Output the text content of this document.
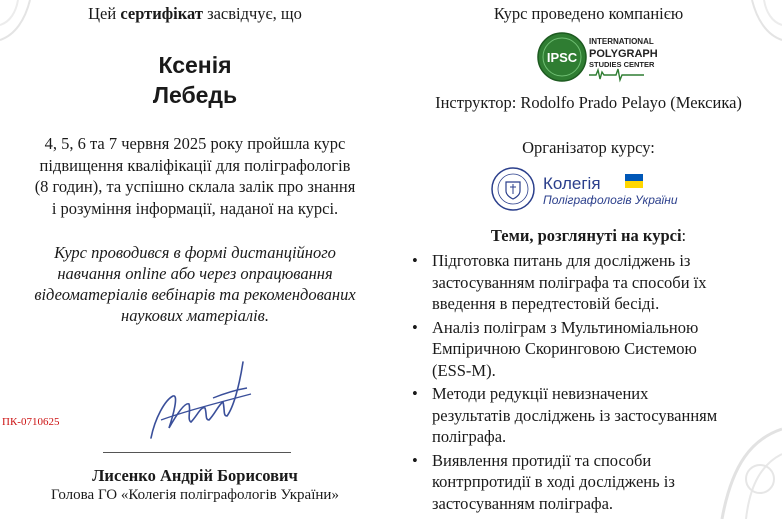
Цей сертифікат засвідчує, що
Ксенія
Лебедь
4, 5, 6 та 7 червня 2025 року пройшла курс
підвищення кваліфікації для поліграфологів
(8 годин), та успішно склала залік про знання
і розуміння інформації, наданої на курсі.
Курс проводився в формі дистанційного
навчання online або через опрацювання
відеоматеріалів вебінарів та рекомендованих
наукових матеріалів.
ПК-0710625
Лисенко Андрій Борисович
Голова ГО «Колегія поліграфологів України»
Курс проведено компанією
IPSC
INTERNATIONAL
POLYGRAPH
STUDIES CENTER
Інструктор: Rodolfo Prado Pelayo (Мексика)
Організатор курсу:
Колегія
Поліграфологів України
Теми, розглянуті на курсі:
• Підготовка питань для досліджень із
застосуванням поліграфа та способи їх
введення в передтестовій бесіді.
• Аналіз поліграм з Мультиноміальною
Емпіричною Скоринговою Системою
(ESS-M).
• Методи редукції невизначених
результатів досліджень із застосуванням
поліграфа.
• Виявлення протидії та способи
контрпротидії в ході досліджень із
застосуванням поліграфа.
